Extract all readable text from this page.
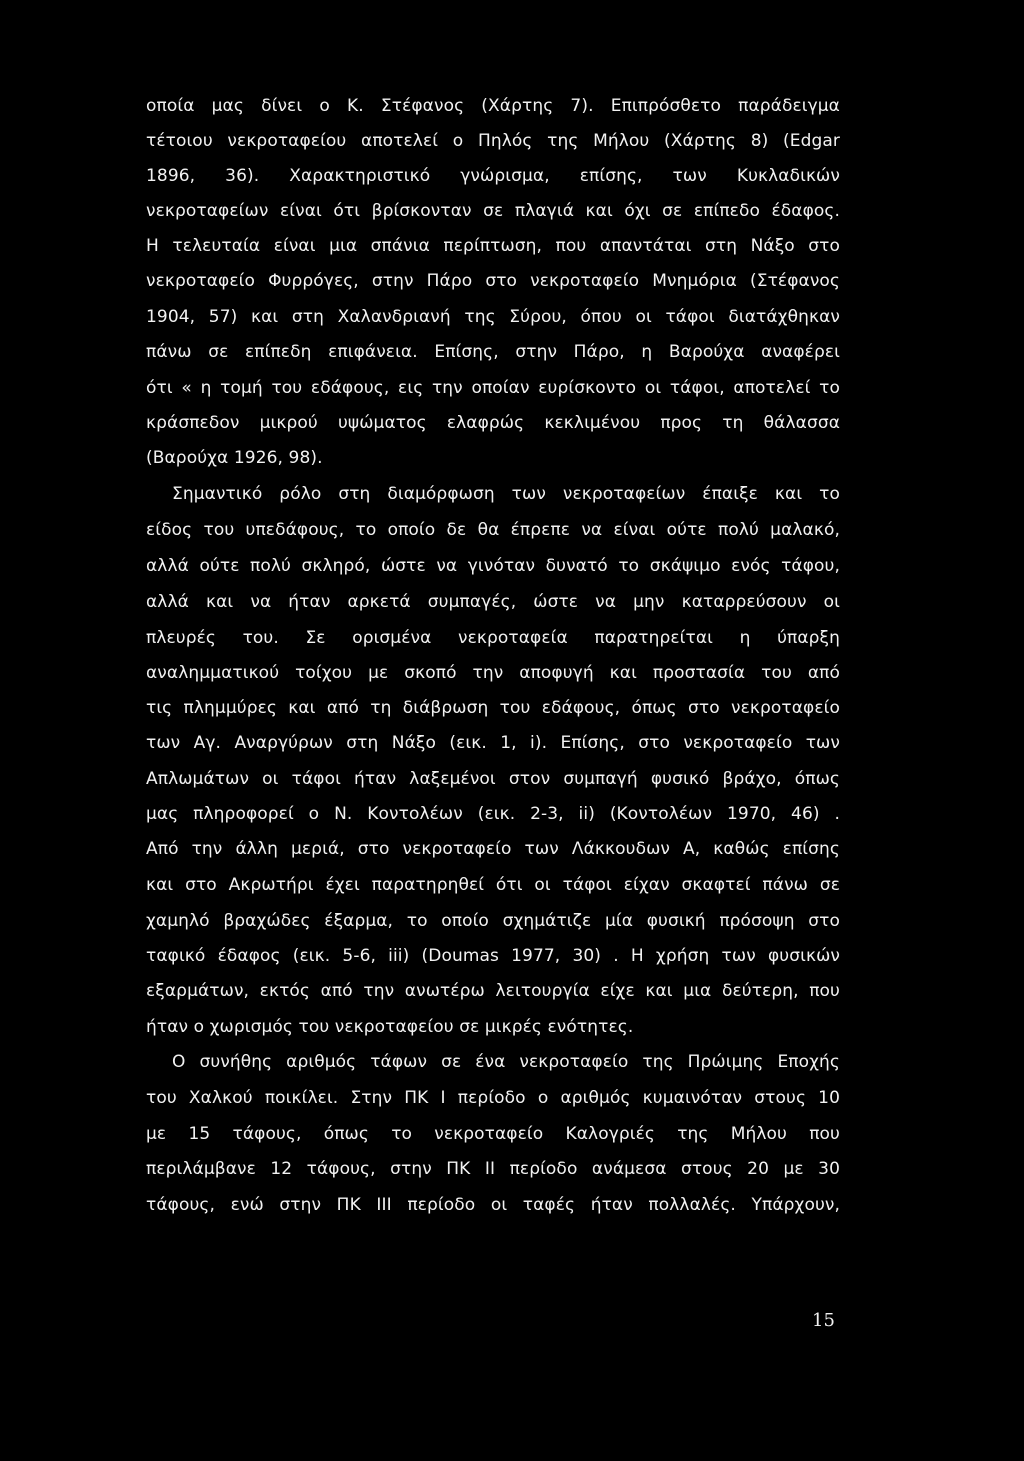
οποία μας δίνει ο Κ. Στέφανος (Χάρτης 7). Επιπρόσθετο παράδειγμα
τέτοιου νεκροταφείου αποτελεί ο Πηλός της Μήλου (Χάρτης 8) (Edgar
1896, 36). Χαρακτηριστικό γνώρισμα, επίσης, των Κυκλαδικών
νεκροταφείων είναι ότι βρίσκονταν σε πλαγιά και όχι σε επίπεδο έδαφος.
Η τελευταία είναι μια σπάνια περίπτωση, που απαντάται στη Νάξο στο
νεκροταφείο Φυρρόγες, στην Πάρο στο νεκροταφείο Μνημόρια (Στέφανος
1904, 57) και στη Χαλανδριανή της Σύρου, όπου οι τάφοι διατάχθηκαν
πάνω σε επίπεδη επιφάνεια. Επίσης, στην Πάρο, η Βαρούχα αναφέρει
ότι « η τομή του εδάφους, εις την οποίαν ευρίσκοντο οι τάφοι, αποτελεί το
κράσπεδον μικρού υψώματος ελαφρώς κεκλιμένου προς τη θάλασσα
(Βαρούχα 1926, 98).
Σημαντικό ρόλο στη διαμόρφωση των νεκροταφείων έπαιξε και το
είδος του υπεδάφους, το οποίο δε θα έπρεπε να είναι ούτε πολύ μαλακό,
αλλά ούτε πολύ σκληρό, ώστε να γινόταν δυνατό το σκάψιμο ενός τάφου,
αλλά και να ήταν αρκετά συμπαγές, ώστε να μην καταρρεύσουν οι
πλευρές του. Σε ορισμένα νεκροταφεία παρατηρείται η ύπαρξη
αναλημματικού τοίχου με σκοπό την αποφυγή και προστασία του από
τις πλημμύρες και από τη διάβρωση του εδάφους, όπως στο νεκροταφείο
των Αγ. Αναργύρων στη Νάξο (εικ. 1, i). Επίσης, στο νεκροταφείο των
Απλωμάτων οι τάφοι ήταν λαξεμένοι στον συμπαγή φυσικό βράχο, όπως
μας πληροφορεί ο Ν. Κοντολέων (εικ. 2-3, ii) (Κοντολέων 1970, 46) .
Από την άλλη μεριά, στο νεκροταφείο των Λάκκουδων Α, καθώς επίσης
και στο Ακρωτήρι έχει παρατηρηθεί ότι οι τάφοι είχαν σκαφτεί πάνω σε
χαμηλό βραχώδες έξαρμα, το οποίο σχημάτιζε μία φυσική πρόσοψη στο
ταφικό έδαφος (εικ. 5-6, iii) (Doumas 1977, 30) . Η χρήση των φυσικών
εξαρμάτων, εκτός από την ανωτέρω λειτουργία είχε και μια δεύτερη, που
ήταν ο χωρισμός του νεκροταφείου σε μικρές ενότητες.
Ο συνήθης αριθμός τάφων σε ένα νεκροταφείο της Πρώιμης Εποχής
του Χαλκού ποικίλει. Στην ΠΚ Ι περίοδο ο αριθμός κυμαινόταν στους 10
με 15 τάφους, όπως το νεκροταφείο Καλογριές της Μήλου που
περιλάμβανε 12 τάφους, στην ΠΚ ΙΙ περίοδο ανάμεσα στους 20 με 30
τάφους, ενώ στην ΠΚ ΙΙΙ περίοδο οι ταφές ήταν πολλαλές. Υπάρχουν,
15
